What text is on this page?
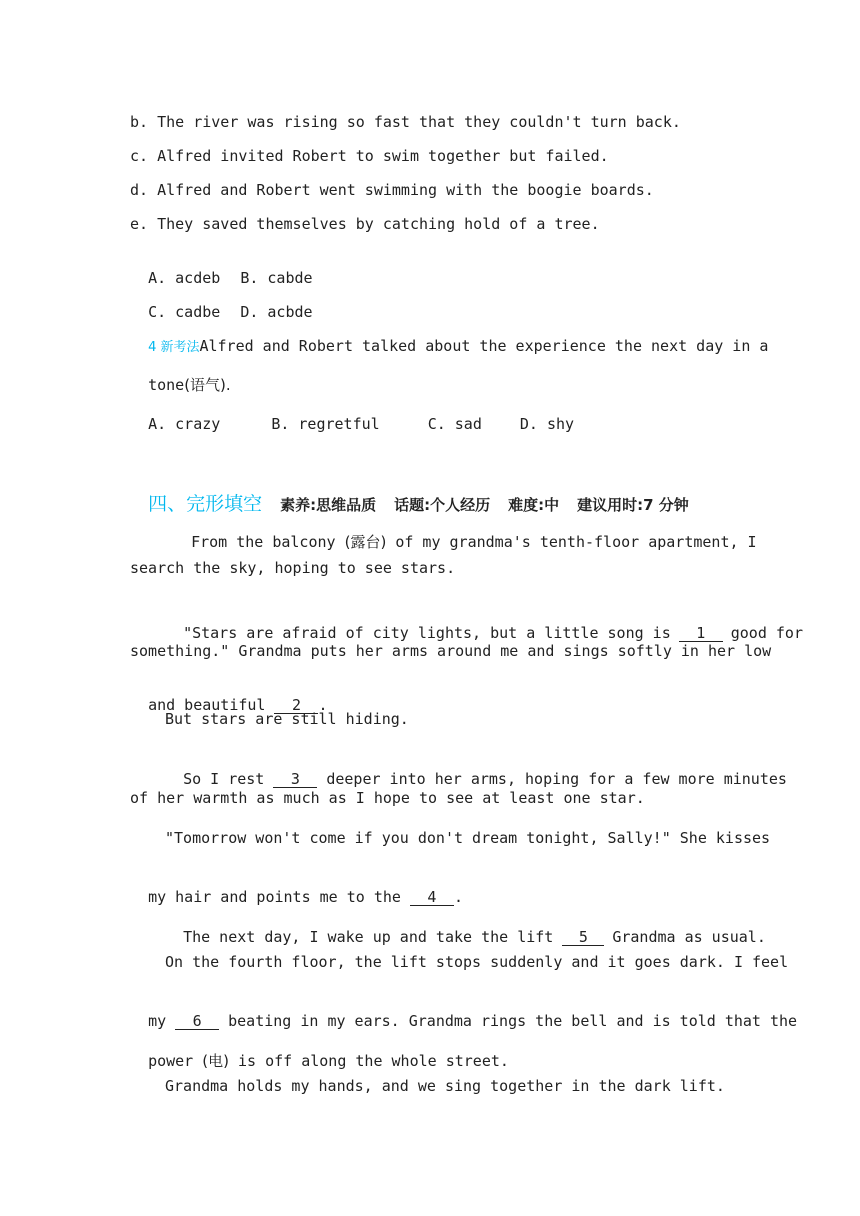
b. The river was rising so fast that they couldn't turn back.
c. Alfred invited Robert to swim together but failed.
d. Alfred and Robert went swimming with the boogie boards.
e. They saved themselves by catching hold of a tree.

A. acdeb B. cabde

C. cadbe D. acbde

4 新考法Alfred and Robert talked about the experience the next day in a

tone(语气).

A. crazy	B. regretful	C. sad	D. shy

四、完形填空 素养:思维品质 话题:个人经历 难度:中 建议用时:7 分钟

From the balcony (露台) of my grandma's tenth-floor apartment, I

search the sky, hoping to see stars.

"Stars are afraid of city lights, but a little song is 1 good for

something." Grandma puts her arms around me and sings softly in her low

and beautiful 2 .

But stars are still hiding.

So I rest 3 deeper into her arms, hoping for a few more minutes

of her warmth as much as I hope to see at least one star.
"Tomorrow won't come if you don't dream tonight, Sally!" She kisses

my hair and points me to the 4 .

The next day, I wake up and take the lift 5 Grandma as usual.

On the fourth floor, the lift stops suddenly and it goes dark. I feel

my 6 beating in my ears. Grandma rings the bell and is told that the

power (电) is off along the whole street.

Grandma holds my hands, and we sing together in the dark lift.
